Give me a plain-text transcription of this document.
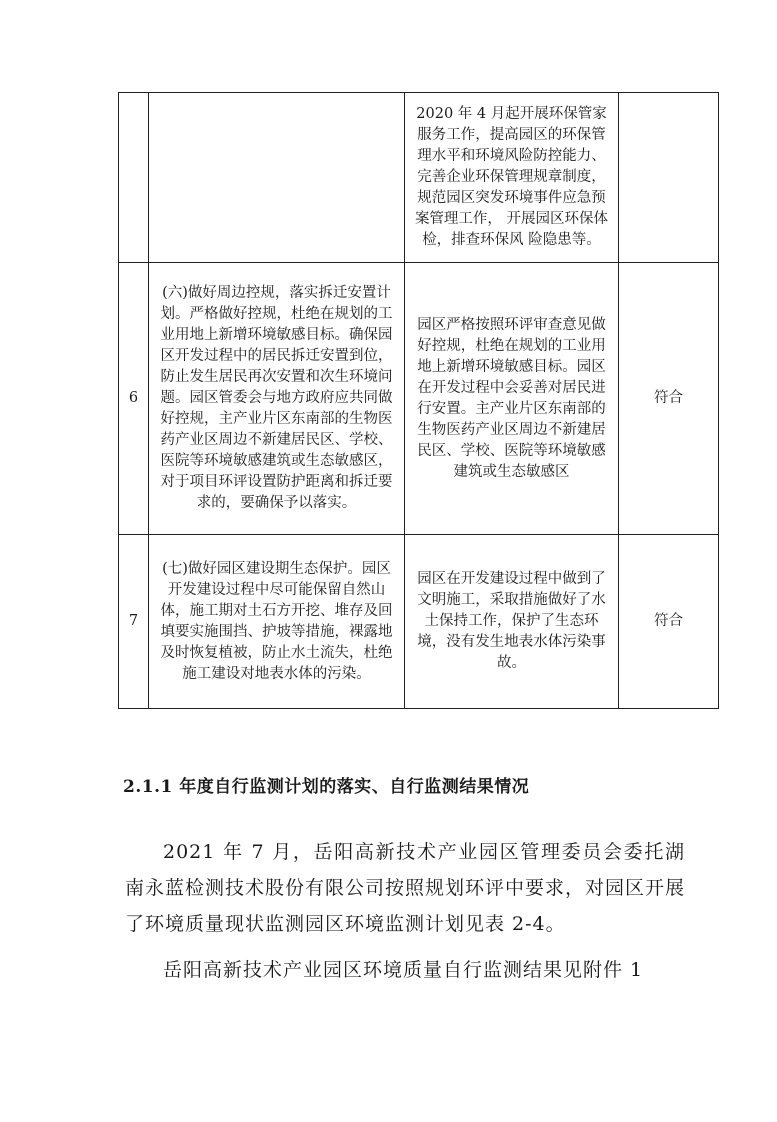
		2020 年 4 月起开展环保管家服务工作，提高园区的环保管理水平和环境风险防控能力、 完善企业环保管理规章制度，规范园区突发环境事件应急预案管理工作， 开展园区环保体检，排查环保风 险隐患等。	
6	(六)做好周边控规，落实拆迁安置计划。严格做好控规，杜绝在规划的工业用地上新增环境敏感目标。确保园区开发过程中的居民拆迁安置到位，防止发生居民再次安置和次生环境问题。园区管委会与地方政府应共同做好控规，主产业片区东南部的生物医药产业区周边不新建居民区、学校、医院等环境敏感建筑或生态敏感区，对于项目环评设置防护距离和拆迁要求的，要确保予以落实。	园区严格按照环评审查意见做好控规，杜绝在规划的工业用地上新增环境敏感目标。园区在开发过程中会妥善对居民进行安置。主产业片区东南部的生物医药产业区周边不新建居民区、学校、医院等环境敏感建筑或生态敏感区	符合
7	(七)做好园区建设期生态保护。园区开发建设过程中尽可能保留自然山体，施工期对土石方开挖、堆存及回填要实施围挡、护坡等措施，裸露地及时恢复植被，防止水土流失，杜绝施工建设对地表水体的污染。	园区在开发建设过程中做到了文明施工，采取措施做好了水土保持工作，保护了生态环境，没有发生地表水体污染事故。	符合
2.1.1 年度自行监测计划的落实、自行监测结果情况
2021 年 7 月，岳阳高新技术产业园区管理委员会委托湖南永蓝检测技术股份有限公司按照规划环评中要求，对园区开展了环境质量现状监测园区环境监测计划见表 2-4。
岳阳高新技术产业园区环境质量自行监测结果见附件 1
